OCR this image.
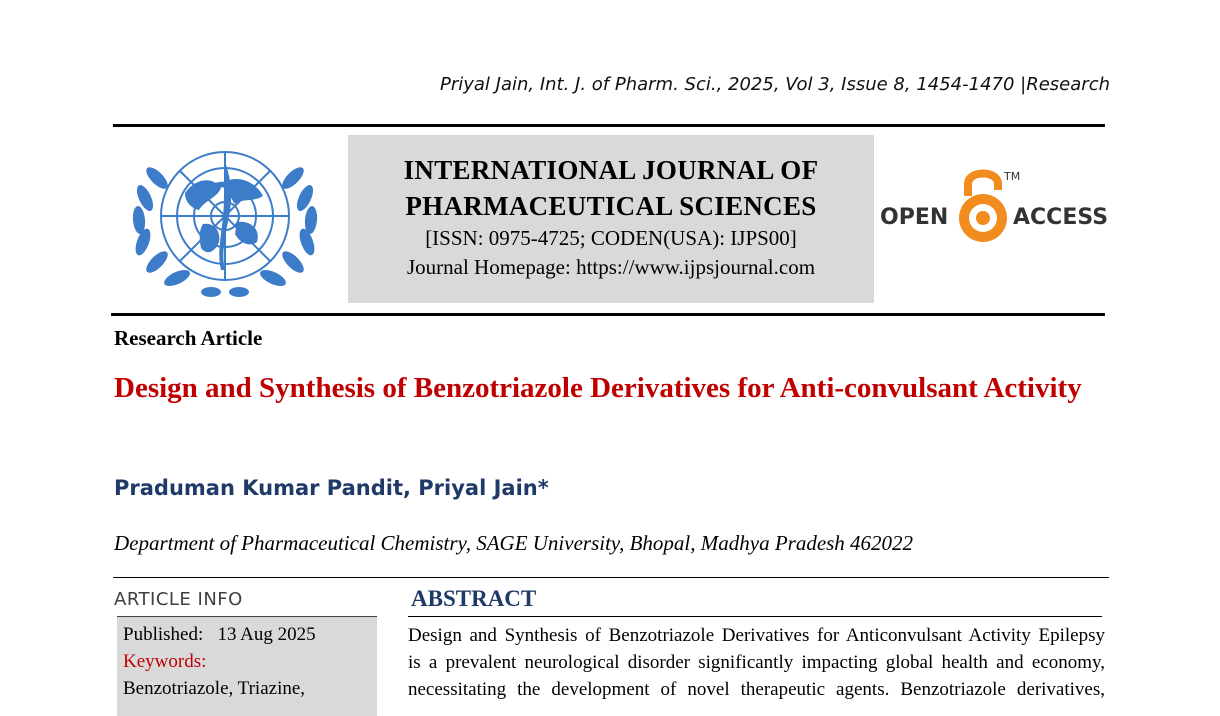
Priyal Jain, Int. J. of Pharm. Sci., 2025, Vol 3, Issue 8, 1454-1470 |Research
INTERNATIONAL JOURNAL OF
PHARMACEUTICAL SCIENCES
[ISSN: 0975-4725; CODEN(USA): IJPS00]
Journal Homepage: https://www.ijpsjournal.com
OPEN	ACCESS
TM
Research Article
Design and Synthesis of Benzotriazole Derivatives for Anti-convulsant Activity
Praduman Kumar Pandit, Priyal Jain*
Department of Pharmaceutical Chemistry, SAGE University, Bhopal, Madhya Pradesh 462022
ARTICLE INFO
Published: 13 Aug 2025
Keywords:
Benzotriazole, Triazine,
ABSTRACT
Design and Synthesis of Benzotriazole Derivatives for Anticonvulsant Activity Epilepsy
is a prevalent neurological disorder significantly impacting global health and economy,
necessitating the development of novel therapeutic agents. Benzotriazole derivatives,
